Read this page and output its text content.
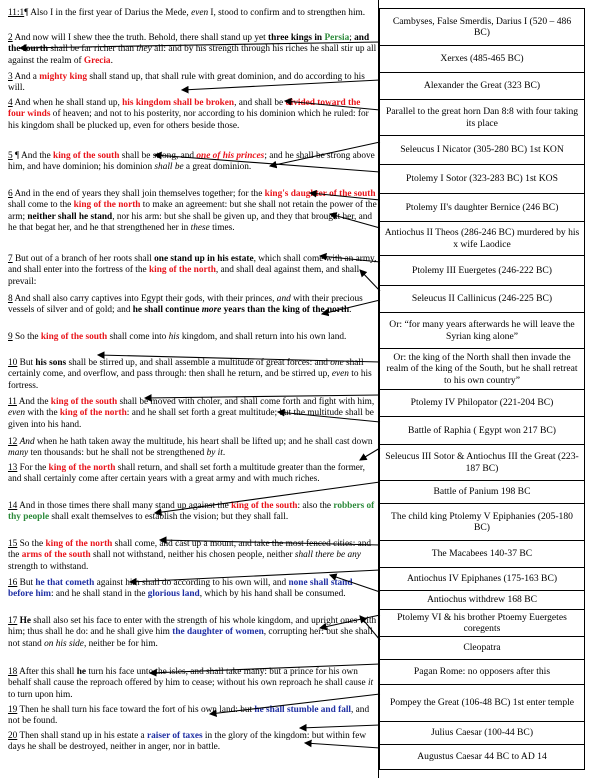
11:1¶ Also I in the first year of Darius the Mede, even I, stood to confirm and to strengthen him.
2 And now will I shew thee the truth. Behold, there shall stand up yet three kings in Persia; and the fourth shall be far richer than they all: and by his strength through his riches he shall stir up all against the realm of Grecia.
3 And a mighty king shall stand up, that shall rule with great dominion, and do according to his will.
4 And when he shall stand up, his kingdom shall be broken, and shall be divided toward the four winds of heaven; and not to his posterity, nor according to his dominion which he ruled: for his kingdom shall be plucked up, even for others beside those.
5 ¶ And the king of the south shall be strong, and one of his princes; and he shall be strong above him, and have dominion; his dominion shall be a great dominion.
6 And in the end of years they shall join themselves together; for the king's daughter of the south shall come to the king of the north to make an agreement: but she shall not retain the power of the arm; neither shall he stand, nor his arm: but she shall be given up, and they that brought her, and he that begat her, and he that strengthened her in these times.
7 But out of a branch of her roots shall one stand up in his estate, which shall come with an army, and shall enter into the fortress of the king of the north, and shall deal against them, and shall prevail:
8 And shall also carry captives into Egypt their gods, with their princes, and with their precious vessels of silver and of gold; and he shall continue more years than the king of the north.
9 So the king of the south shall come into his kingdom, and shall return into his own land.
10 But his sons shall be stirred up, and shall assemble a multitude of great forces: and one shall certainly come, and overflow, and pass through: then shall he return, and be stirred up, even to his fortress.
11 And the king of the south shall be moved with choler, and shall come forth and fight with him, even with the king of the north: and he shall set forth a great multitude; but the multitude shall be given into his hand.
12 And when he hath taken away the multitude, his heart shall be lifted up; and he shall cast down many ten thousands: but he shall not be strengthened by it.
13 For the king of the north shall return, and shall set forth a multitude greater than the former, and shall certainly come after certain years with a great army and with much riches.
14 And in those times there shall many stand up against the king of the south: also the robbers of thy people shall exalt themselves to establish the vision; but they shall fall.
15 So the king of the north shall come, and cast up a mount, and take the most fenced cities: and the arms of the south shall not withstand, neither his chosen people, neither shall there be any strength to withstand.
16 But he that cometh against him shall do according to his own will, and none shall stand before him: and he shall stand in the glorious land, which by his hand shall be consumed.
17 He shall also set his face to enter with the strength of his whole kingdom, and upright ones with him; thus shall he do: and he shall give him the daughter of women, corrupting her: but she shall not stand on his side, neither be for him.
18 After this shall he turn his face unto the isles, and shall take many: but a prince for his own behalf shall cause the reproach offered by him to cease; without his own reproach he shall cause it to turn upon him.
19 Then he shall turn his face toward the fort of his own land: but he shall stumble and fall, and not be found.
20 Then shall stand up in his estate a raiser of taxes in the glory of the kingdom: but within few days he shall be destroyed, neither in anger, nor in battle.
Cambyses, False Smerdis, Darius I (520 – 486 BC)
Xerxes (485-465 BC)
Alexander the Great (323 BC)
Parallel to the great horn Dan 8:8 with four taking its place
Seleucus I Nicator (305-280 BC) 1st KON
Ptolemy I Sotor (323-283 BC) 1st KOS
Ptolemy II's daughter Bernice (246 BC)
Antiochus II Theos (286-246 BC) murdered by his x wife Laodice
Ptolemy III Euergetes (246-222 BC)
Seleucus II Callinicus (246-225 BC)
Or: “for many years afterwards he will leave the Syrian king alone”
Or: the king of the North shall then invade the realm of the king of the South, but he shall retreat to his own country”
Ptolemy IV Philopator (221-204 BC)
Battle of Raphia ( Egypt won 217 BC)
Seleucus III Sotor & Antiochus III the Great (223-187 BC)
Battle of Panium 198 BC
The child king Ptolemy V Epiphanies (205-180 BC)
The Macabees 140-37 BC
Antiochus IV Epiphanes (175-163 BC)
Antiochus withdrew 168 BC
Ptolemy VI & his brother Ptoemy Euergetes coregents
Cleopatra
Pagan Rome: no opposers after this
Pompey the Great (106-48 BC) 1st enter temple
Julius Caesar (100-44 BC)
Augustus Caesar 44 BC to AD 14
